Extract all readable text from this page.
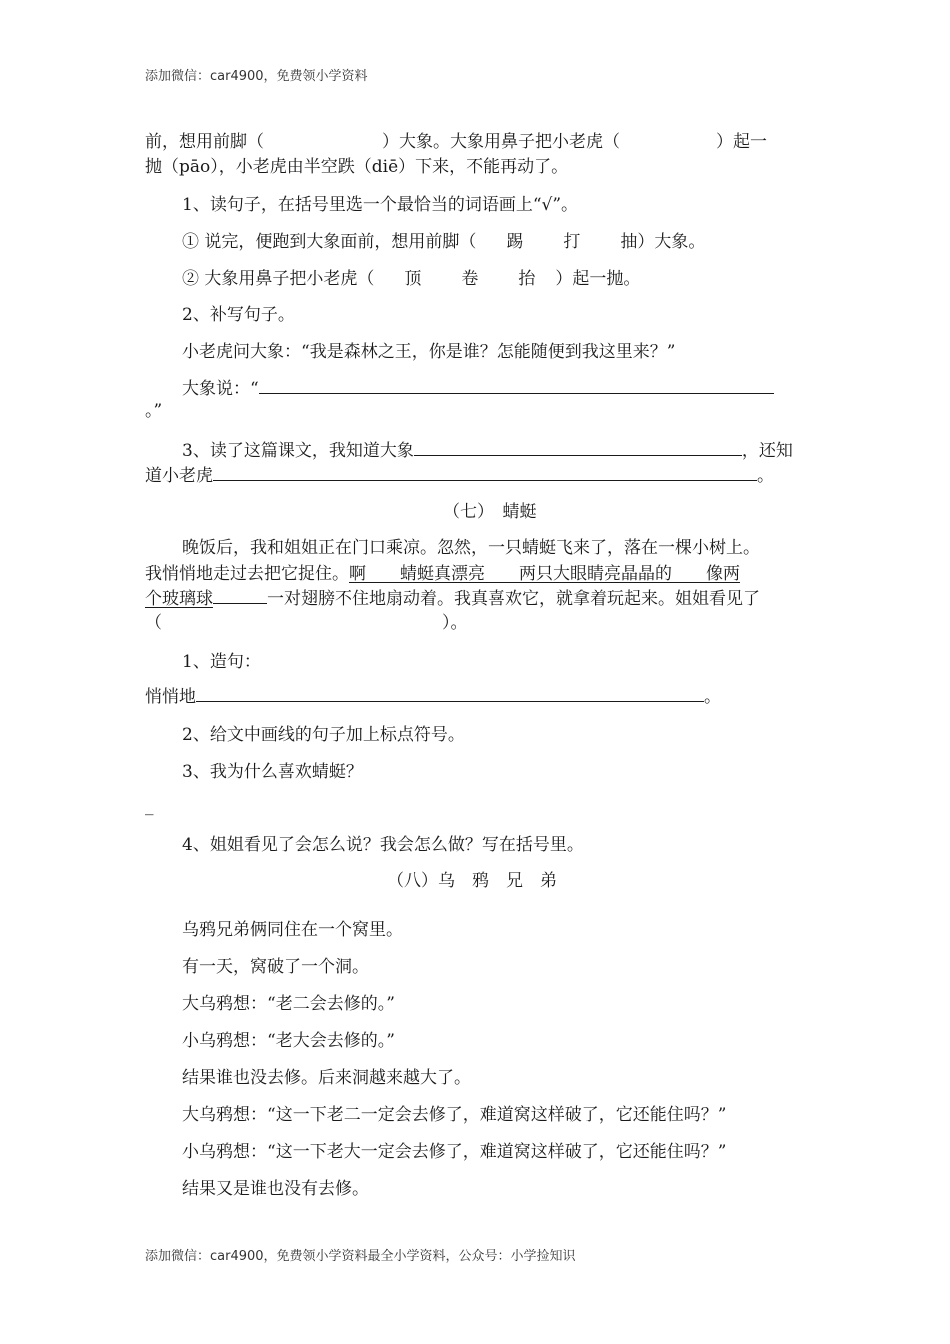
添加微信：car4900，免费领小学资料
前，想用前脚（	）大象。大象用鼻子把小老虎（	）起一
抛（pāo），小老虎由半空跌（diē）下来，不能再动了。
1、读句子，在括号里选一个最恰当的词语画上“√”。
① 说完，便跑到大象面前，想用前脚（ 踢 打 抽）大象。
② 大象用鼻子把小老虎（ 顶 卷 抬 ）起一抛。
2、补写句子。
小老虎问大象：“我是森林之王，你是谁？怎能随便到我这里来？”
大象说：“
。”
3、读了这篇课文，我知道大象	，还知
道小老虎	。
（七）　蜻蜓
晚饭后，我和姐姐正在门口乘凉。忽然，一只蜻蜓飞来了，落在一棵小树上。
我悄悄地走过去把它捉住。啊　　蜻蜓真漂亮　　两只大眼睛亮晶晶的　　像两
个玻璃球	一对翅膀不住地扇动着。我真喜欢它，就拿着玩起来。姐姐看见了
（	）。
1、造句：
悄悄地	。
2、给文中画线的句子加上标点符号。
3、我为什么喜欢蜻蜓？
_
4、姐姐看见了会怎么说？我会怎么做？写在括号里。
（八）乌　鸦　兄　弟
乌鸦兄弟俩同住在一个窝里。
有一天，窝破了一个洞。
大乌鸦想：“老二会去修的。”
小乌鸦想：“老大会去修的。”
结果谁也没去修。后来洞越来越大了。
大乌鸦想：“这一下老二一定会去修了，难道窝这样破了，它还能住吗？”
小乌鸦想：“这一下老大一定会去修了，难道窝这样破了，它还能住吗？”
结果又是谁也没有去修。
添加微信：car4900，免费领小学资料最全小学资料，公众号：小学捡知识
